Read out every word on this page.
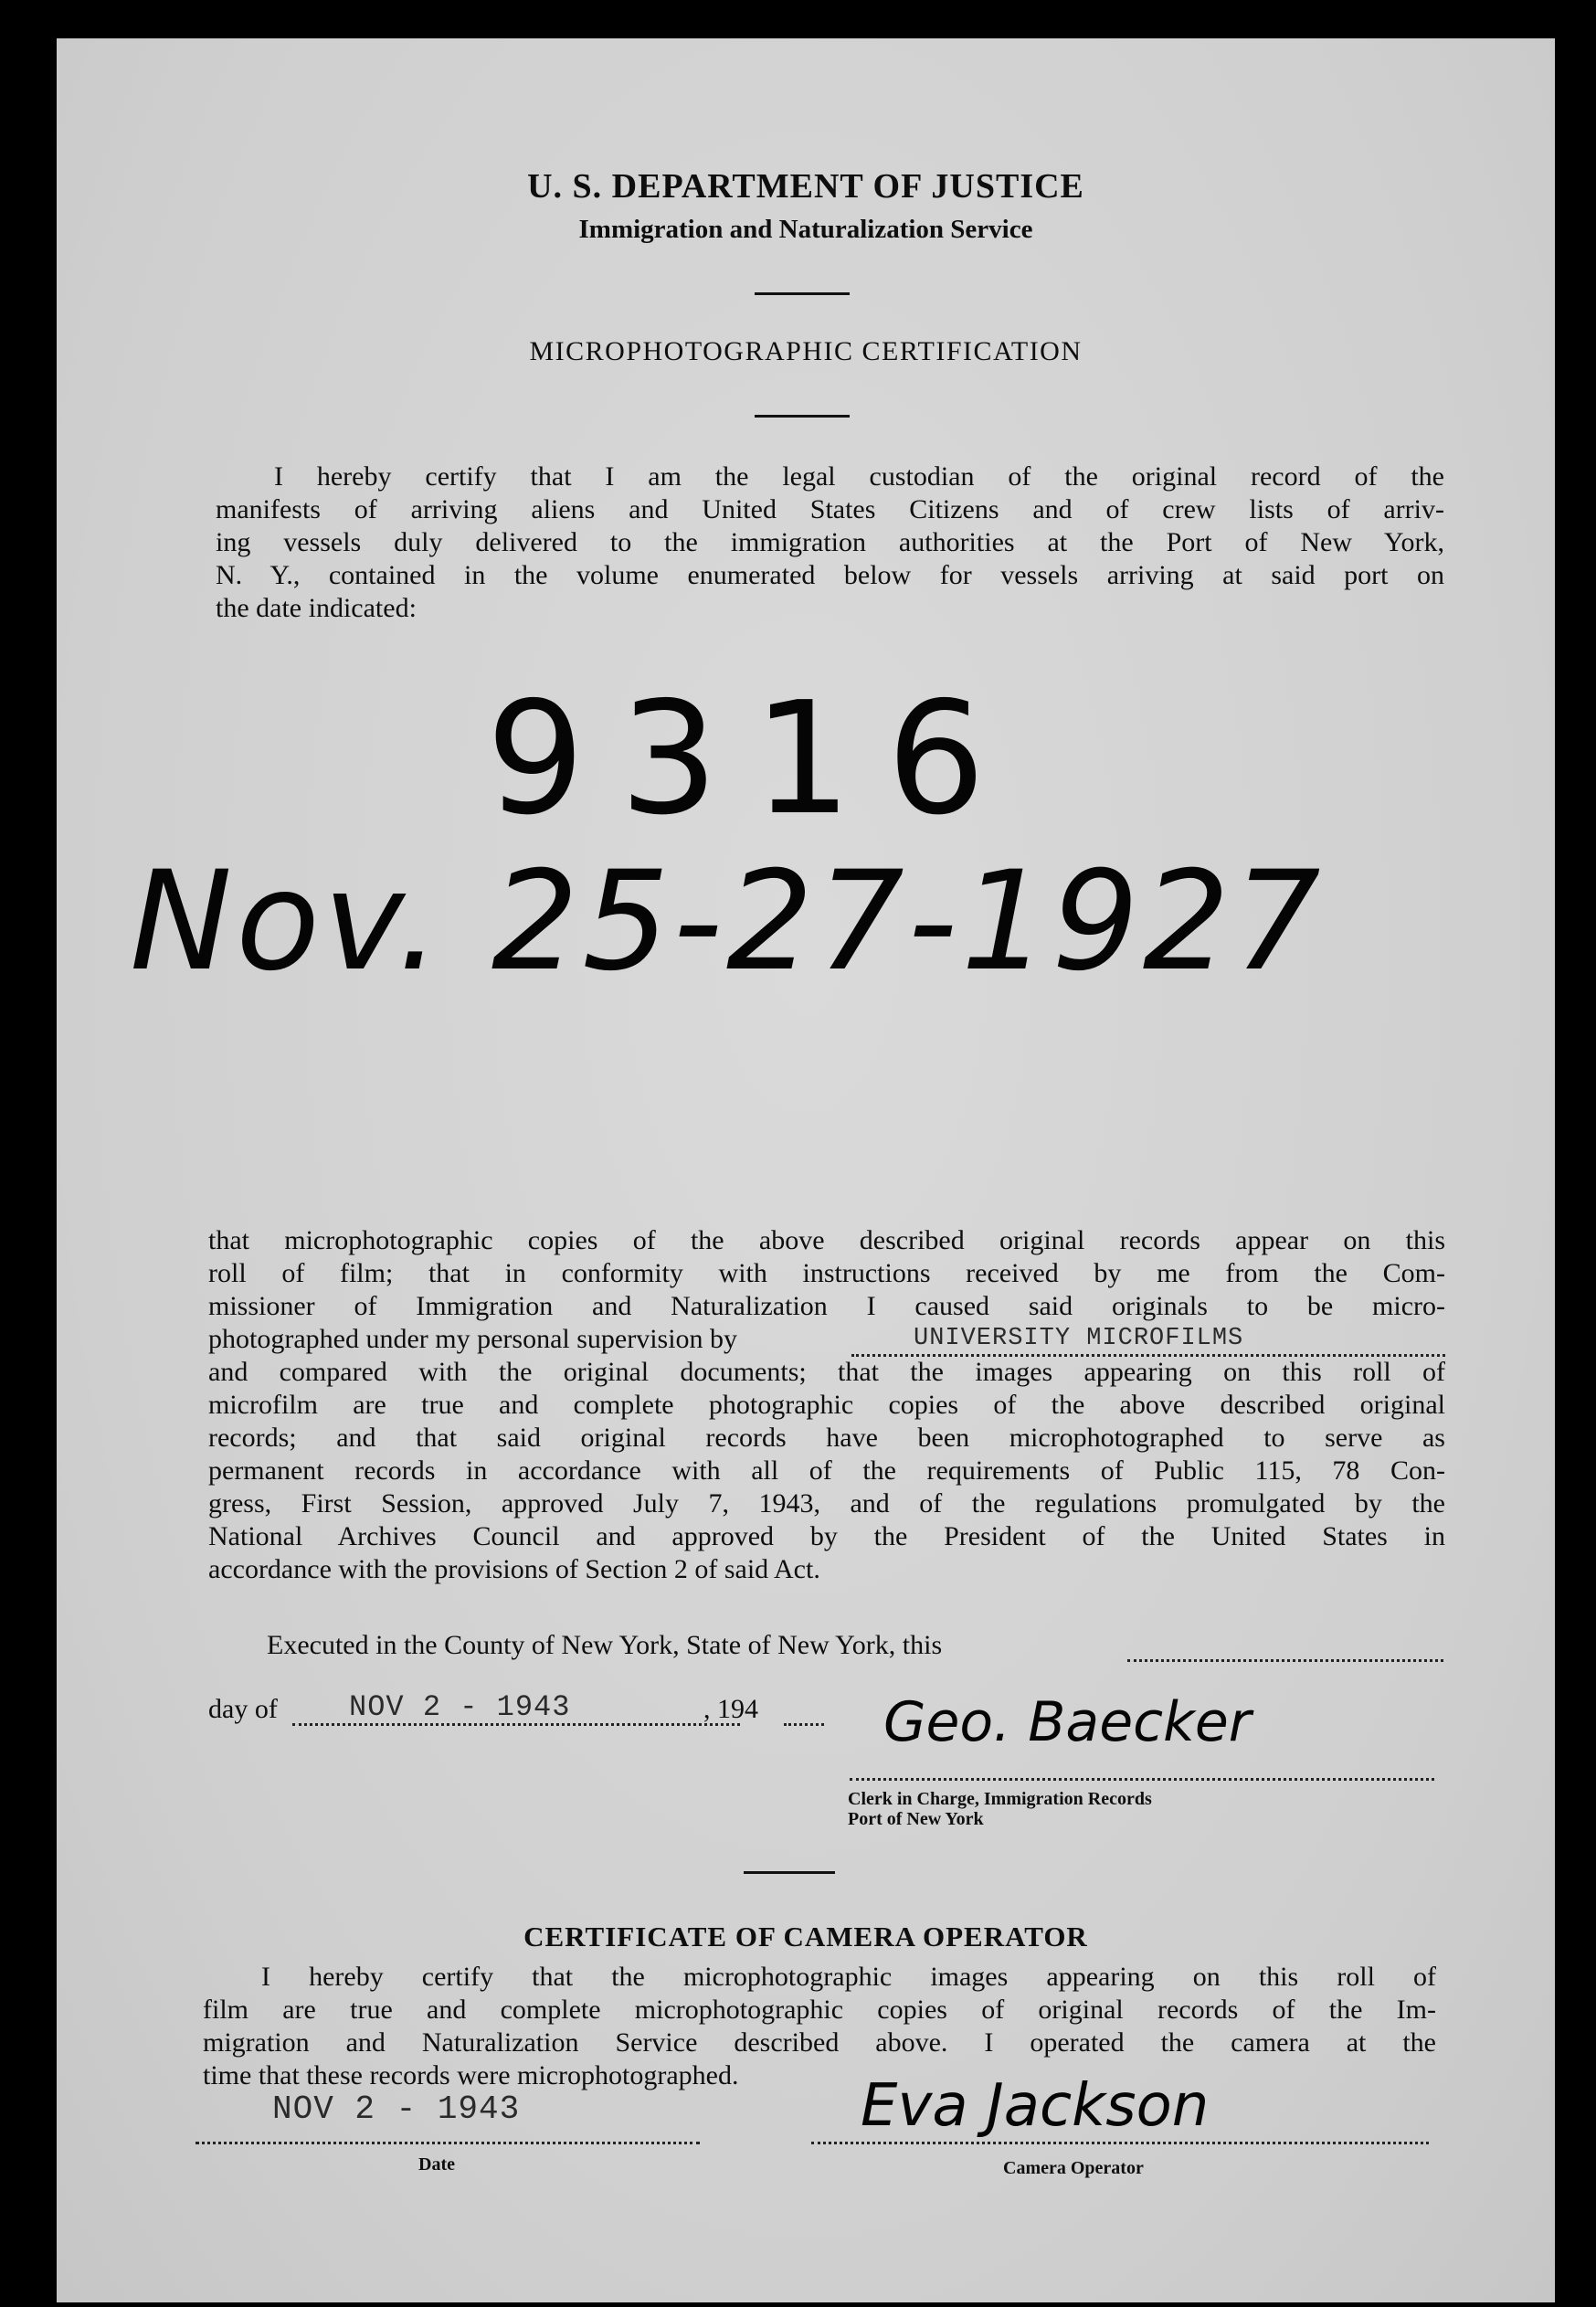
U. S. DEPARTMENT OF JUSTICE
Immigration and Naturalization Service
MICROPHOTOGRAPHIC CERTIFICATION
I hereby certify that I am the legal custodian of the original record of the
manifests of arriving aliens and United States Citizens and of crew lists of arriv-
ing vessels duly delivered to the immigration authorities at the Port of New York,
N. Y., contained in the volume enumerated below for vessels arriving at said port on
the date indicated:
9316
Nov. 25-27-1927
that microphotographic copies of the above described original records appear on this
roll of film; that in conformity with instructions received by me from the Com-
missioner of Immigration and Naturalization I caused said originals to be micro-
photographed under my personal supervision by
and compared with the original documents; that the images appearing on this roll of
microfilm are true and complete photographic copies of the above described original
records; and that said original records have been microphotographed to serve as
permanent records in accordance with all of the requirements of Public 115, 78 Con-
gress, First Session, approved July 7, 1943, and of the regulations promulgated by the
National Archives Council and approved by the President of the United States in
accordance with the provisions of Section 2 of said Act.
UNIVERSITY MICROFILMS
Executed in the County of New York, State of New York, this
day of NOV 2 - 1943	, 194 Geo. Baecker
Clerk in Charge, Immigration Records
Port of New York
CERTIFICATE OF CAMERA OPERATOR
I hereby certify that the microphotographic images appearing on this roll of
film are true and complete microphotographic copies of original records of the Im-
migration and Naturalization Service described above. I operated the camera at the
time that these records were microphotographed.
NOV 2 - 1943
Date
Eva Jackson
Camera Operator
